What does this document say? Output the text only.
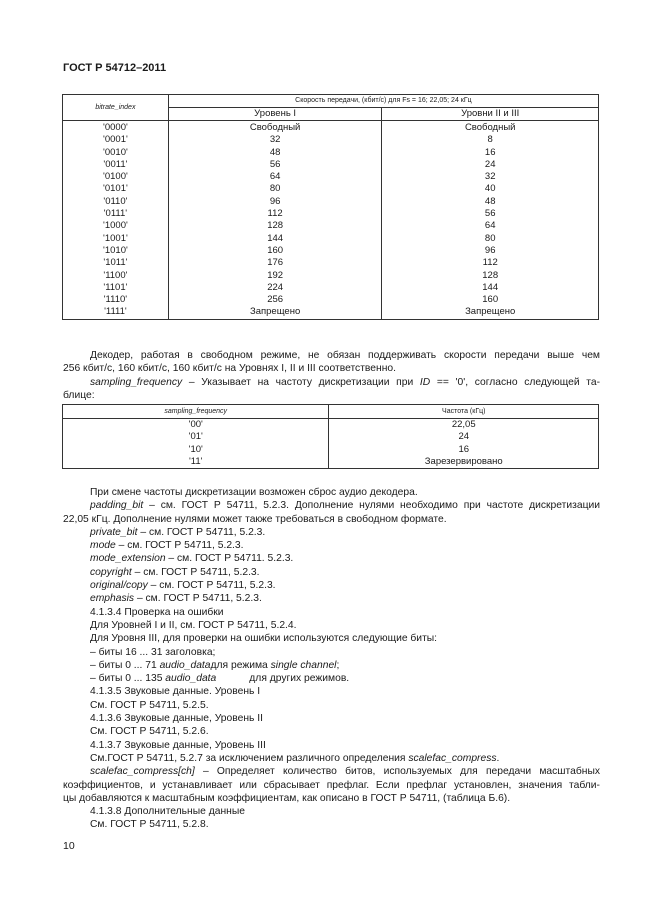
ГОСТ Р 54712–2011
bitrate_index	Скорость передачи, (кбит/с) для Fs = 16; 22,05; 24 кГц	
	Уровень I	Уровни II и III
'0000'	Свободный	Свободный
'0001'	32	8
'0010'	48	16
'0011'	56	24
'0100'	64	32
'0101'	80	40
'0110'	96	48
'0111'	112	56
'1000'	128	64
'1001'	144	80
'1010'	160	96
'1011'	176	112
'1100'	192	128
'1101'	224	144
'1110'	256	160
'1111'	Запрещено	Запрещено
Декодер, работая в свободном режиме, не обязан поддерживать скорости передачи выше чем
256 кбит/с, 160 кбит/с, 160 кбит/с на Уровнях I, II и III соответственно.
sampling_frequency – Указывает на частоту дискретизации при ID == '0', согласно следующей та-
блице:
sampling_frequency	Частота (кГц)
'00'	22,05
'01'	24
'10'	16
'11'	Зарезервировано
При смене частоты дискретизации возможен сброс аудио декодера.
padding_bit – см. ГОСТ Р 54711, 5.2.3. Дополнение нулями необходимо при частоте дискретизации
22,05 кГц. Дополнение нулями может также требоваться в свободном формате.
private_bit – см. ГОСТ Р 54711, 5.2.3.
mode – см. ГОСТ Р 54711, 5.2.3.
mode_extension – см. ГОСТ Р 54711. 5.2.3.
copyright – см. ГОСТ Р 54711, 5.2.3.
original/copy – см. ГОСТ Р 54711, 5.2.3.
emphasis – см. ГОСТ Р 54711, 5.2.3.
4.1.3.4 Проверка на ошибки
Для Уровней I и II, см. ГОСТ Р 54711, 5.2.4.
Для Уровня III, для проверки на ошибки используются следующие биты:
– биты 16 ... 31 заголовка;
– биты 0 ... 71 audio_dataдля режима single channel;
– биты 0 ... 135 audio_data	для других режимов.
4.1.3.5 Звуковые данные. Уровень I
См. ГОСТ Р 54711, 5.2.5.
4.1.3.6 Звуковые данные, Уровень II
См. ГОСТ Р 54711, 5.2.6.
4.1.3.7 Звуковые данные, Уровень III
См.ГОСТ Р 54711, 5.2.7 за исключением различного определения scalefac_compress.
scalefac_compress[ch] – Определяет количество битов, используемых для передачи масштабных
коэффициентов, и устанавливает или сбрасывает префлаг. Если префлаг установлен, значения табли-
цы добавляются к масштабным коэффициентам, как описано в ГОСТ Р 54711, (таблица Б.6).
4.1.3.8 Дополнительные данные
См. ГОСТ Р 54711, 5.2.8.
10
